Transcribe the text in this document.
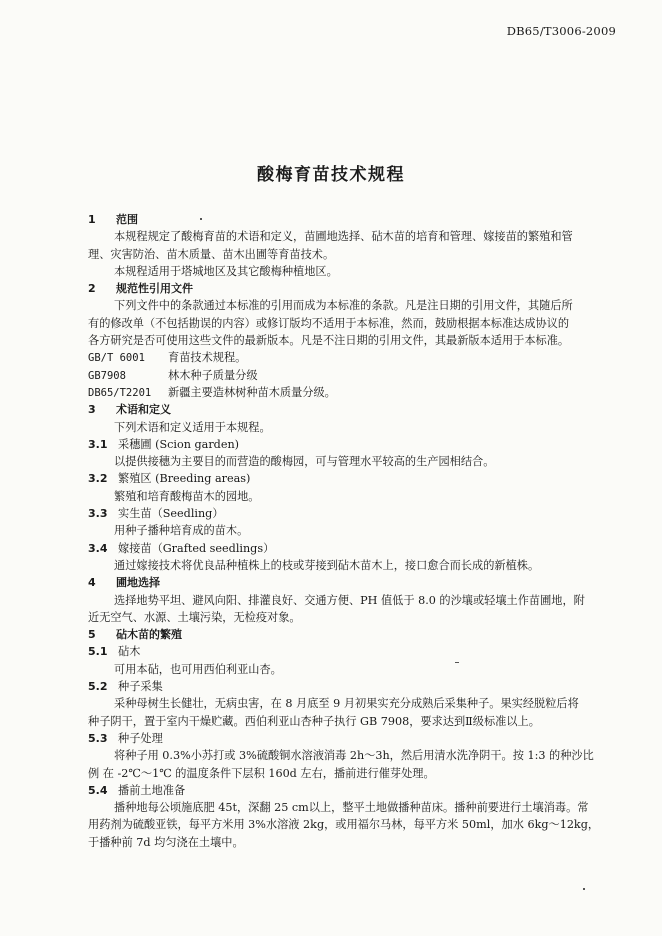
DB65/T3006-2009
酸梅育苗技术规程
1 范围
本规程规定了酸梅育苗的术语和定义，苗圃地选择、砧木苗的培育和管理、嫁接苗的繁殖和管
理、灾害防治、苗木质量、苗木出圃等育苗技术。
本规程适用于塔城地区及其它酸梅种植地区。
2 规范性引用文件
下列文件中的条款通过本标准的引用而成为本标准的条款。凡是注日期的引用文件，其随后所
有的修改单（不包括勘误的内容）或修订版均不适用于本标准，然而，鼓励根据本标准达成协议的
各方研究是否可使用这些文件的最新版本。凡是不注日期的引用文件，其最新版本适用于本标准。
GB/T 6001 育苗技术规程。
GB7908	林木种子质量分级
DB65/T2201 新疆主要造林树种苗木质量分级。
3 术语和定义
下列术语和定义适用于本规程。
3.1 采穗圃 (Scion garden)
以提供接穗为主要目的而营造的酸梅园，可与管理水平较高的生产园相结合。
3.2 繁殖区 (Breeding areas)
繁殖和培育酸梅苗木的园地。
3.3 实生苗（Seedling）
用种子播种培育成的苗木。
3.4 嫁接苗（Grafted seedlings）
通过嫁接技术将优良品种植株上的枝或芽接到砧木苗木上，接口愈合而长成的新植株。
4 圃地选择
选择地势平坦、避风向阳、排灌良好、交通方便、PH 值低于 8.0 的沙壤或轻壤土作苗圃地，附
近无空气、水源、土壤污染，无检疫对象。
5 砧木苗的繁殖
5.1 砧木
可用本砧，也可用西伯利亚山杏。
5.2 种子采集
采种母树生长健壮，无病虫害，在 8 月底至 9 月初果实充分成熟后采集种子。果实经脱粒后将
种子阴干，置于室内干燥贮藏。西伯利亚山杏种子执行 GB 7908，要求达到Ⅱ级标准以上。
5.3 种子处理
将种子用 0.3%小苏打或 3%硫酸铜水溶液消毒 2h～3h，然后用清水洗净阴干。按 1:3 的种沙比
例 在 -2℃～1℃ 的温度条件下层积 160d 左右，播前进行催芽处理。
5.4 播前土地准备
播种地每公顷施底肥 45t，深翻 25 cm以上，整平土地做播种苗床。播种前要进行土壤消毒。常
用药剂为硫酸亚铁，每平方米用 3%水溶液 2kg，或用福尔马林，每平方米 50ml，加水 6kg～12kg，
于播种前 7d 均匀浇在土壤中。
